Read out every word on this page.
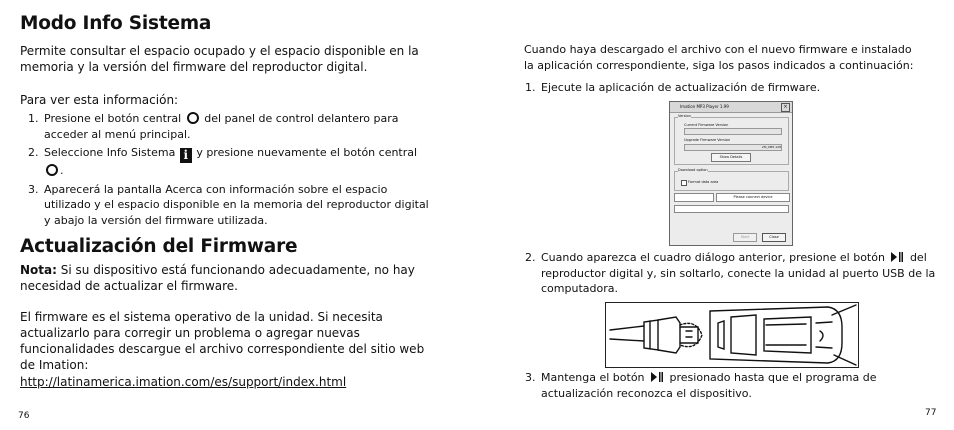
Modo Info Sistema

Permite consultar el espacio ocupado y el espacio disponible en la memoria y la versión del firmware del reproductor digital.

Para ver esta información:

1. Presione el botón central del panel de control delantero para acceder al menú principal.
2. Seleccione Info Sistema i y presione nuevamente el botón central .
3. Aparecerá la pantalla Acerca con información sobre el espacio utilizado y el espacio disponible en la memoria del reproductor digital y abajo la versión del firmware utilizada.
Actualización del Firmware

Nota: Si su dispositivo está funcionando adecuadamente, no hay necesidad de actualizar el firmware.

El firmware es el sistema operativo de la unidad. Si necesita actualizarlo para corregir un problema o agregar nuevas funcionalidades descargue el archivo correspondiente del sitio web de Imation:

http://latinamerica.imation.com/es/support/index.html

76

Cuando haya descargado el archivo con el nuevo firmware e instalado la aplicación correspondiente, siga los pasos indicados a continuación:

1. Ejecute la aplicación de actualización de firmware.
2. Cuando aparezca el cuadro diálogo anterior, presione el botón del reproductor digital y, sin soltarlo, conecte la unidad al puerto USB de la computadora.
3. Mantenga el botón presionado hasta que el programa de actualización reconozca el dispositivo.
77
Imation MP3 Player 1.99	×
Version
Current Firmware Version
Upgrade Firmware Version
2M_0M5.128
Show Details
Download option
Format data area
Please connect device
Start	Close
